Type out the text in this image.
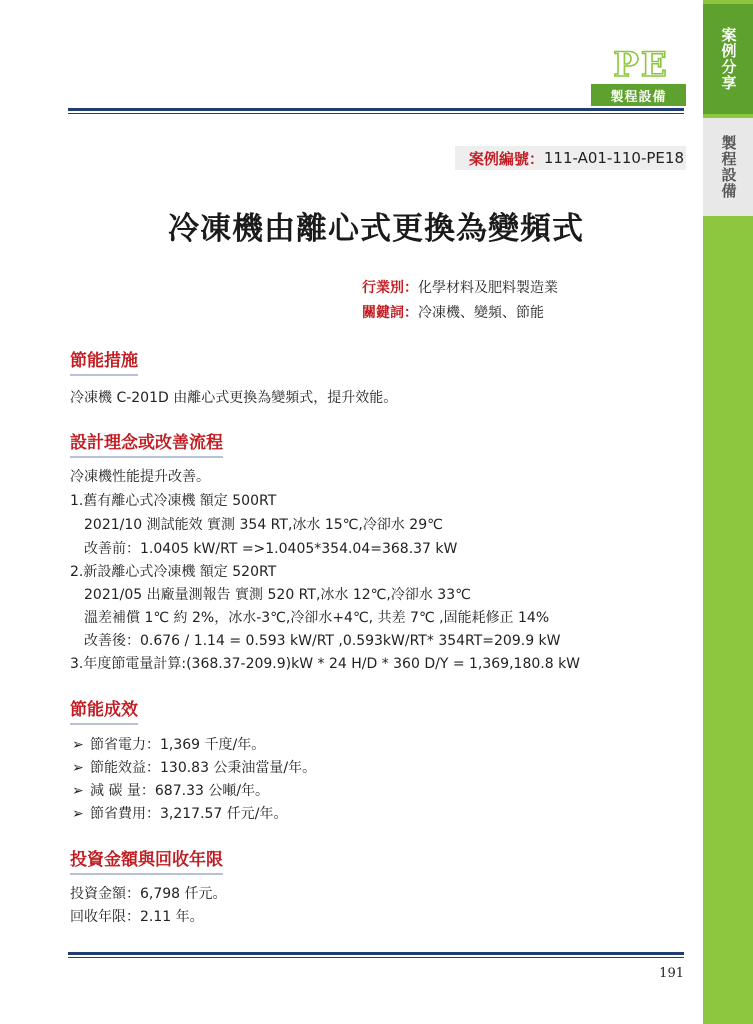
案例分享
製程設備
PE
製程設備
案例編號： 111-A01-110-PE18
冷凍機由離心式更換為變頻式
行業別：化學材料及肥料製造業
關鍵詞：冷凍機、變頻、節能
節能措施
冷凍機 C-201D 由離心式更換為變頻式，提升效能。
設計理念或改善流程
冷凍機性能提升改善。
1.舊有離心式冷凍機 額定 500RT
2021/10 測試能效 實測 354 RT,冰水 15℃,冷卻水 29℃
改善前：1.0405 kW/RT =>1.0405*354.04=368.37 kW
2.新設離心式冷凍機 額定 520RT
2021/05 出廠量測報告 實測 520 RT,冰水 12℃,冷卻水 33℃
溫差補償 1℃ 約 2%，冰水-3℃,冷卻水+4℃, 共差 7℃ ,固能耗修正 14%
改善後：0.676 / 1.14 = 0.593 kW/RT ,0.593kW/RT* 354RT=209.9 kW
3.年度節電量計算:(368.37-209.9)kW * 24 H/D * 360 D/Y = 1,369,180.8 kW
節能成效
➢ 節省電力：1,369 千度/年。
➢ 節能效益：130.83 公秉油當量/年。
➢ 減 碳 量：687.33 公噸/年。
➢ 節省費用：3,217.57 仟元/年。
投資金額與回收年限
投資金額：6,798 仟元。
回收年限：2.11 年。
191
